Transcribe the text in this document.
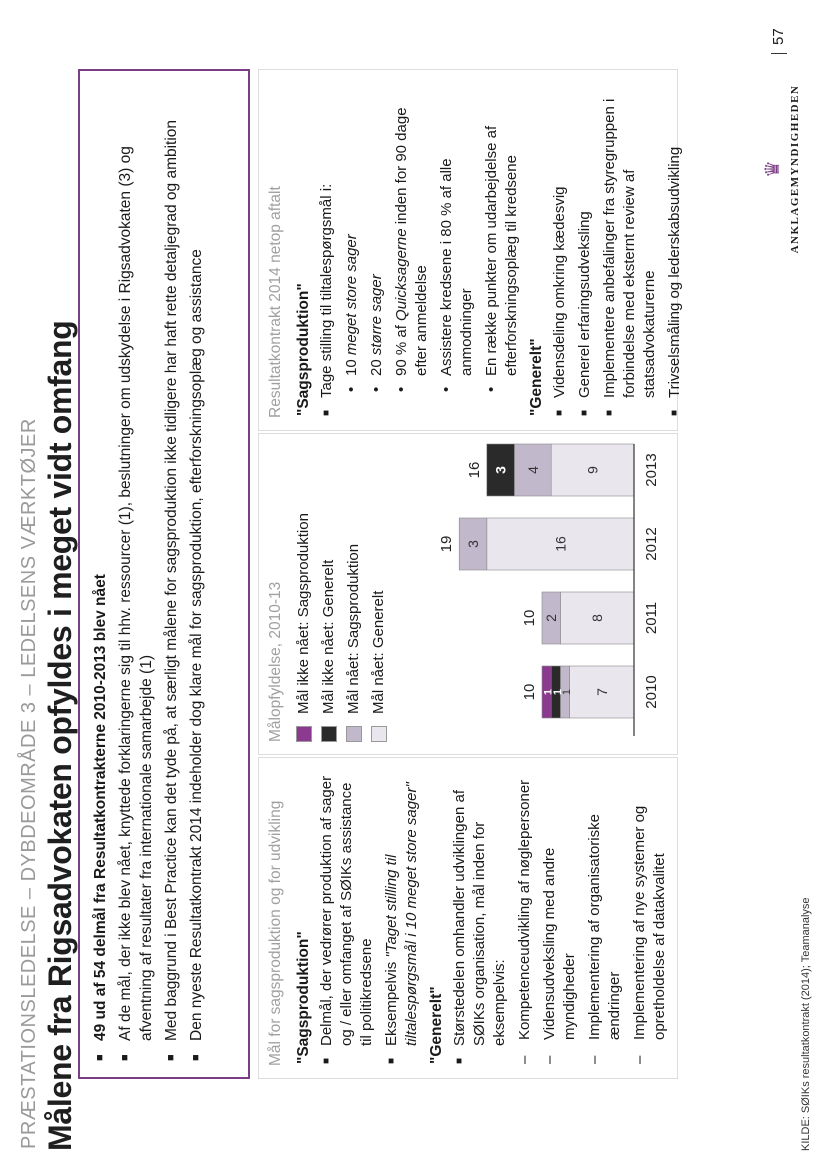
PRÆSTATIONSLEDELSE – DYBDEOMRÅDE 3 – LEDELSENS VÆRKTØJER Målene fra Rigsadvokaten opfyldes i meget vidt omfang ■ 49 ud af 54 delmål fra Resultatkontrakterne 2010-2013 blev nået ■ Af de mål, der ikke blev nået, knyttede forklaringerne sig til hhv. ressourcer (1), beslutninger om udskydelse i Rigsadvokaten (3) og afventning af resultater fra internationale samarbejde (1) ■ Med baggrund i Best Practice kan det tyde på, at særligt målene for sagsproduktion ikke tidligere har haft rette detaljegrad og ambition ■ Den nyeste Resultatkontrakt 2014 indeholder dog klare mål for sagsproduktion, efterforskningsoplæg og assistance	Mål for sagsproduktion og for udvikling "Sagsproduktion" ■ Delmål, der vedrører produktion af sager og / eller omfanget af SØIKs assistance til politikredsene ■ Eksempelvis "Taget stilling til tiltalespørgsmål i 10 meget store sager" "Generelt" ■ Størstedelen omhandler udviklingen af SØIKs organisation, mål inden for eksempelvis: – Kompetenceudvikling af nøglepersoner – Vidensudveksling med andre myndigheder – Implementering af organisatoriske ændringer – Implementering af nye systemer og opretholdelse af datakvalitet
Målopfyldelse, 2010-13 Mål ikke nået: Sagsproduktion Mål ikke nået: Generelt Mål nået: Sagsproduktion Mål nået: Generelt	7
1
1
1
10	2010
8
2
10	2011
16
3
19	2012
9
4
3
16	2013
Resultatkontrakt 2014 netop aftalt "Sagsproduktion" ■ Tage stilling til tiltalespørgsmål i: • 10 meget store sager
• 20 større sager • 90 % af Quicksagerne inden for 90 dage efter anmeldelse • Assistere kredsene i 80 % af alle anmodninger • En række punkter om udarbejdelse af efterforskningsoplæg til kredsene
"Generelt" ■ Vidensdeling omkring kædesvig ■ Generel erfaringsudveksling ■ Implementere anbefalinger fra styregruppen i forbindelse med eksternt review af statsadvokaturerne ■ Trivselsmåling og lederskabsudvikling
KILDE: SØIKs resultatkontrakt (2014); Teamanalyse
♛ ANKLAGEMYNDIGHEDEN
57
